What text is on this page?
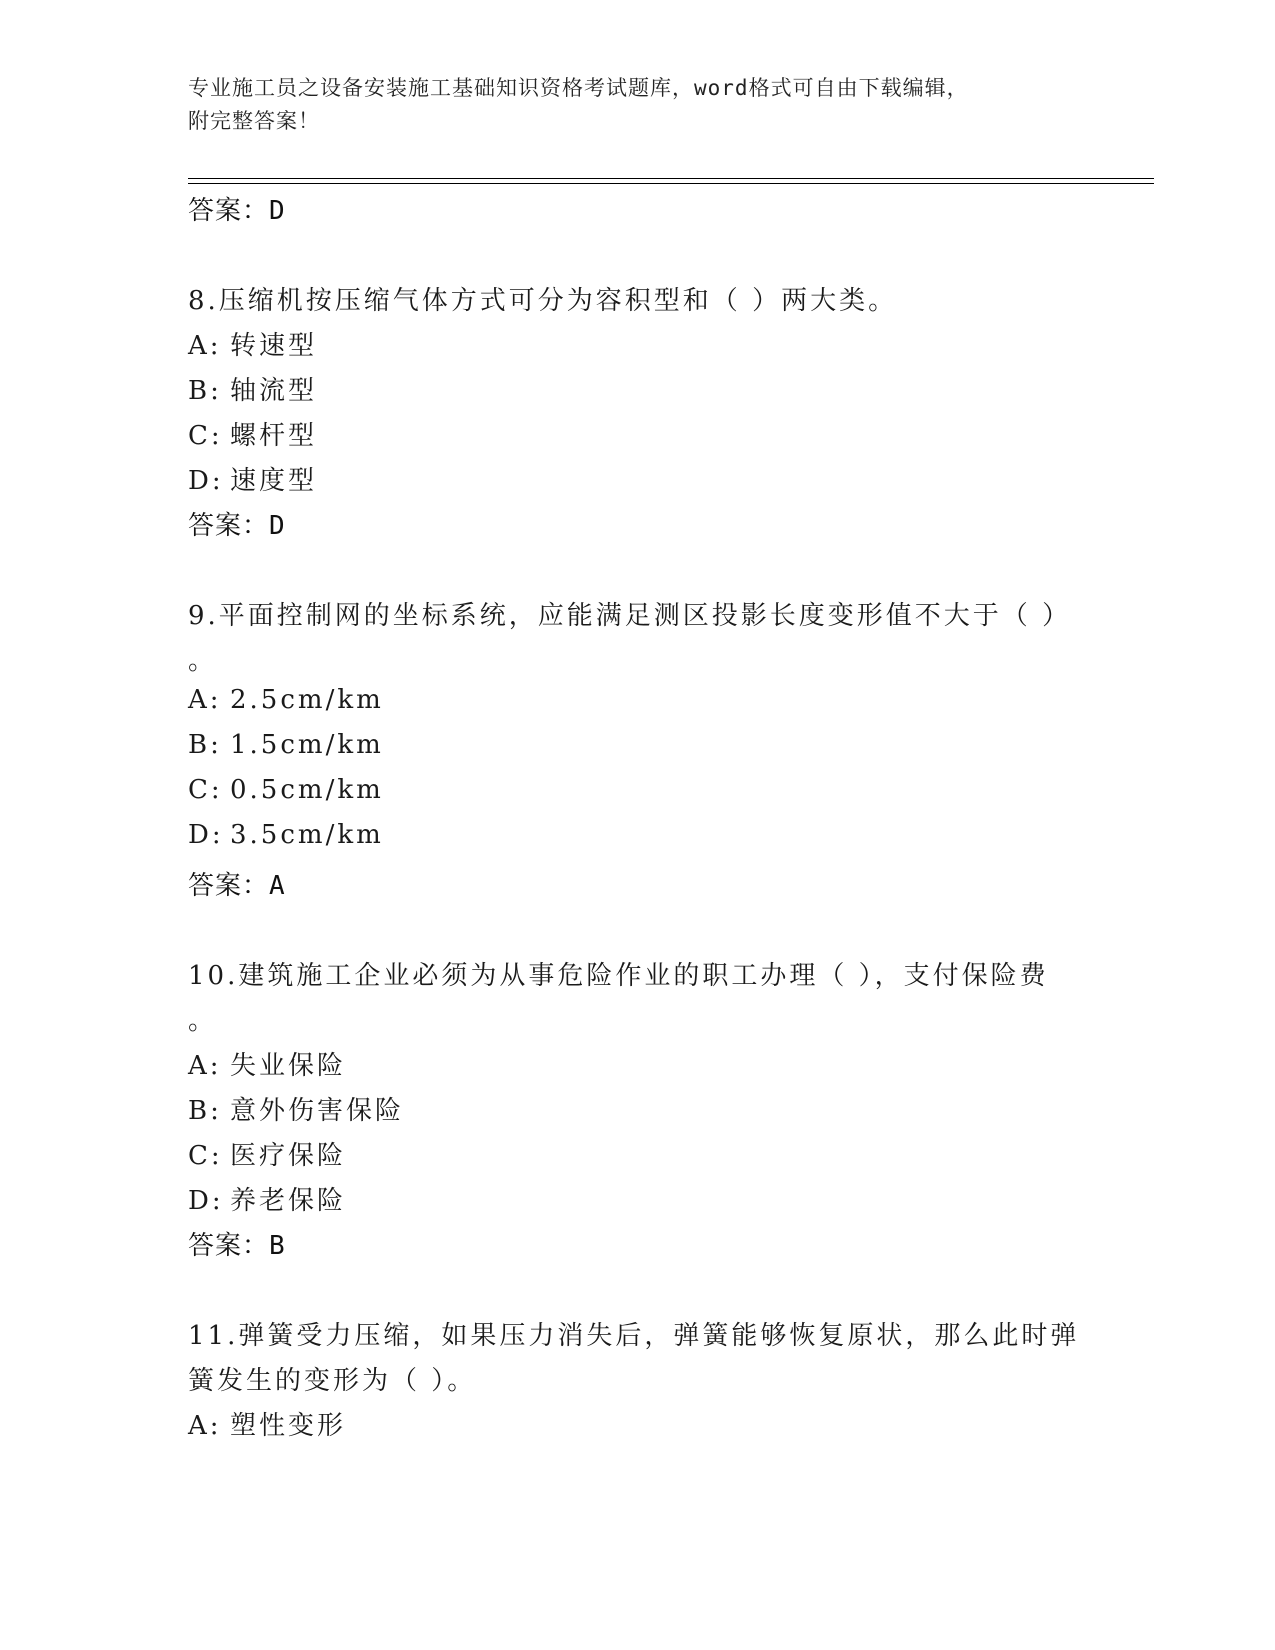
专业施工员之设备安装施工基础知识资格考试题库，word格式可自由下载编辑，
附完整答案！
答案：D
8.压缩机按压缩气体方式可分为容积型和（ ）两大类。
A: 转速型
B: 轴流型
C: 螺杆型
D: 速度型
答案：D
9.平面控制网的坐标系统，应能满足测区投影长度变形值不大于（ ）
。
A: 2.5cm/km
B: 1.5cm/km
C: 0.5cm/km
D: 3.5cm/km
答案：A
10.建筑施工企业必须为从事危险作业的职工办理（ ），支付保险费
。
A: 失业保险
B: 意外伤害保险
C: 医疗保险
D: 养老保险
答案：B
11.弹簧受力压缩，如果压力消失后，弹簧能够恢复原状，那么此时弹
簧发生的变形为（ ）。
A: 塑性变形
